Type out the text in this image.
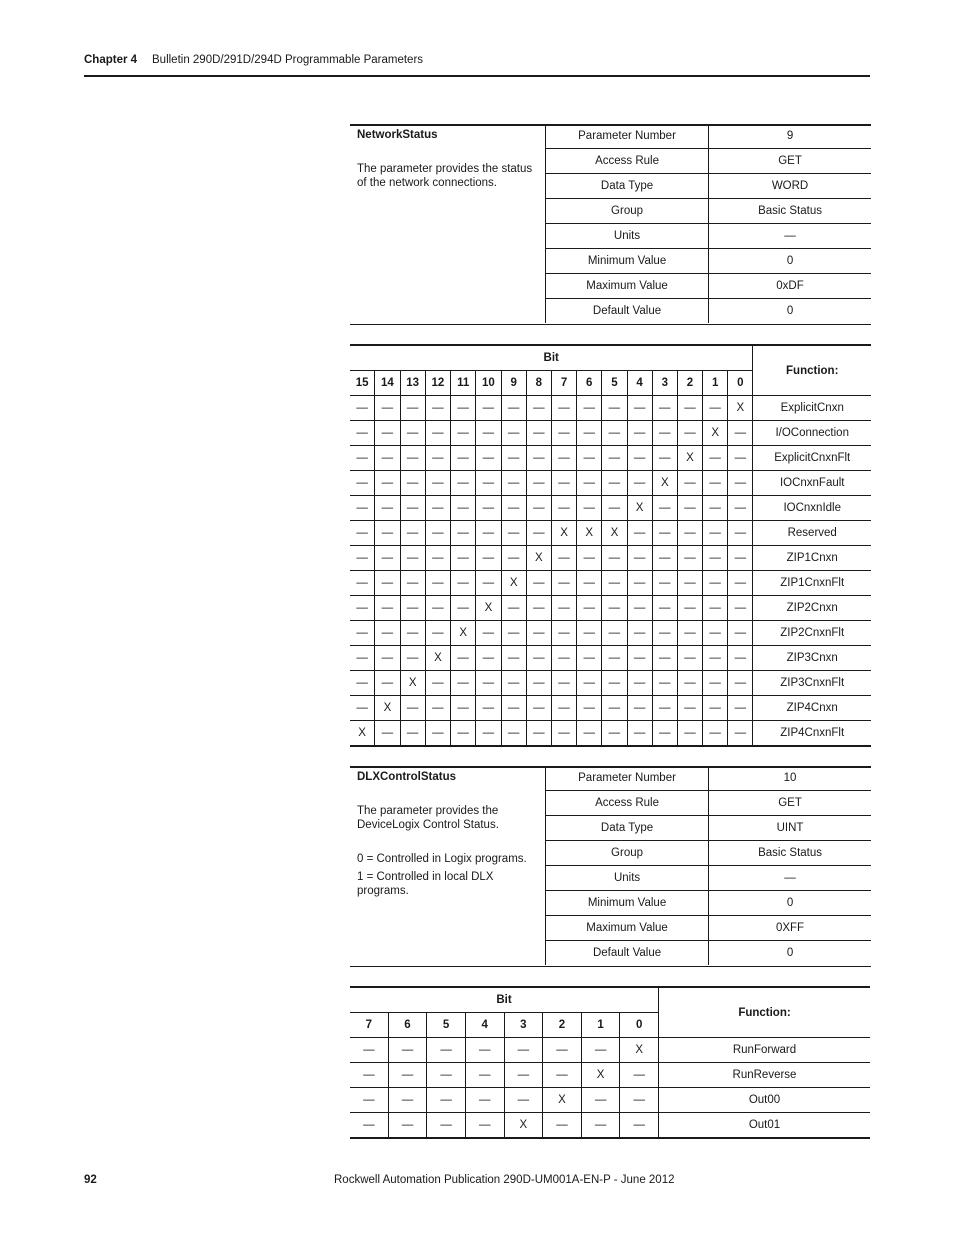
Chapter 4 Bulletin 290D/291D/294D Programmable Parameters
NetworkStatus

The parameter provides the status of the network connections.

Parameter Number	9
Access Rule	GET
Data Type	WORD
Group	Basic Status
Units	—
Minimum Value	0
Maximum Value	0xDF
Default Value	0
Bit																Function:
15	14	13	12	11	10	9	8	7	6	5	4	3	2	1	0	
—	—	—	—	—	—	—	—	—	—	—	—	—	—	—	X	ExplicitCnxn
—	—	—	—	—	—	—	—	—	—	—	—	—	—	X	—	I/OConnection
—	—	—	—	—	—	—	—	—	—	—	—	—	X	—	—	ExplicitCnxnFlt
—	—	—	—	—	—	—	—	—	—	—	—	X	—	—	—	IOCnxnFault
—	—	—	—	—	—	—	—	—	—	—	X	—	—	—	—	IOCnxnIdle
—	—	—	—	—	—	—	—	X	X	X	—	—	—	—	—	Reserved
—	—	—	—	—	—	—	X	—	—	—	—	—	—	—	—	ZIP1Cnxn
—	—	—	—	—	—	X	—	—	—	—	—	—	—	—	—	ZIP1CnxnFlt
—	—	—	—	—	X	—	—	—	—	—	—	—	—	—	—	ZIP2Cnxn
—	—	—	—	X	—	—	—	—	—	—	—	—	—	—	—	ZIP2CnxnFlt
—	—	—	X	—	—	—	—	—	—	—	—	—	—	—	—	ZIP3Cnxn
—	—	X	—	—	—	—	—	—	—	—	—	—	—	—	—	ZIP3CnxnFlt
—	X	—	—	—	—	—	—	—	—	—	—	—	—	—	—	ZIP4Cnxn
X	—	—	—	—	—	—	—	—	—	—	—	—	—	—	—	ZIP4CnxnFlt
DLXControlStatus

The parameter provides the DeviceLogix Control Status.

0 = Controlled in Logix programs.

1 = Controlled in local DLX programs.

Parameter Number	10
Access Rule	GET
Data Type	UINT
Group	Basic Status
Units	—
Minimum Value	0
Maximum Value	0XFF
Default Value	0
Bit								Function:
7	6	5	4	3	2	1	0	
—	—	—	—	—	—	—	X	RunForward
—	—	—	—	—	—	X	—	RunReverse
—	—	—	—	—	X	—	—	Out00
—	—	—	—	X	—	—	—	Out01
92	Rockwell Automation Publication 290D-UM001A-EN-P - June 2012
